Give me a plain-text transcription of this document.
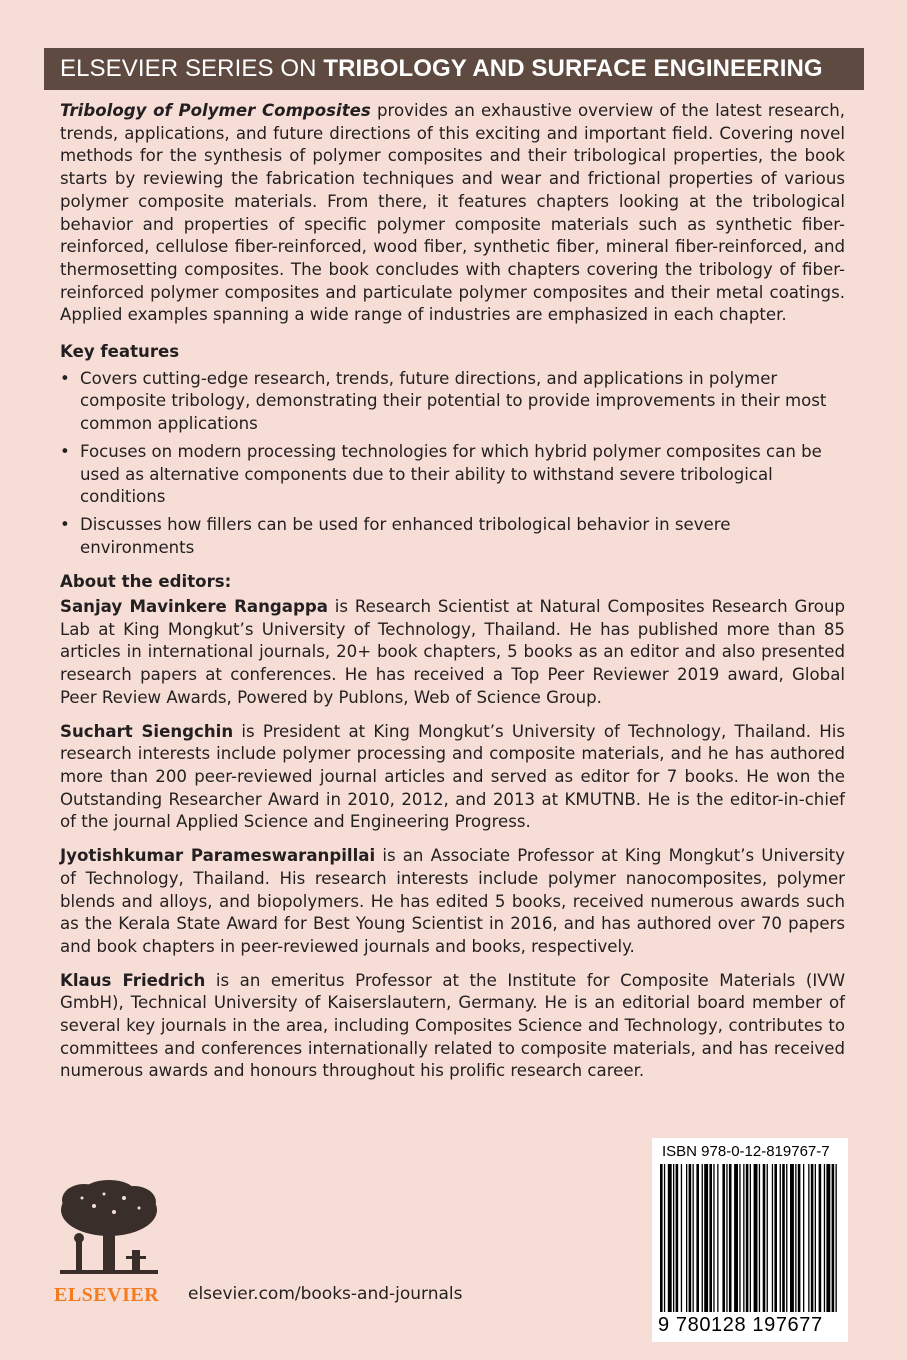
ELSEVIER SERIES ON TRIBOLOGY AND SURFACE ENGINEERING

Tribology of Polymer Composites provides an exhaustive overview of the latest research, trends, applications, and future directions of this exciting and important field. Covering novel methods for the synthesis of polymer composites and their tribological properties, the book starts by reviewing the fabrication techniques and wear and frictional properties of various polymer composite materials. From there, it features chapters looking at the tribological behavior and properties of specific polymer composite materials such as synthetic fiber-reinforced, cellulose fiber-reinforced, wood fiber, synthetic fiber, mineral fiber-reinforced, and thermosetting composites. The book concludes with chapters covering the tribology of fiber-reinforced polymer composites and particulate polymer composites and their metal coatings. Applied examples spanning a wide range of industries are emphasized in each chapter.

Key features
• Covers cutting-edge research, trends, future directions, and applications in polymer composite tribology, demonstrating their potential to provide improvements in their most common applications
• Focuses on modern processing technologies for which hybrid polymer composites can be used as alternative components due to their ability to withstand severe tribological conditions
• Discusses how fillers can be used for enhanced tribological behavior in severe environments
About the editors:

Sanjay Mavinkere Rangappa is Research Scientist at Natural Composites Research Group Lab at King Mongkut’s University of Technology, Thailand. He has published more than 85 articles in international journals, 20+ book chapters, 5 books as an editor and also presented research papers at conferences. He has received a Top Peer Reviewer 2019 award, Global Peer Review Awards, Powered by Publons, Web of Science Group.

Suchart Siengchin is President at King Mongkut’s University of Technology, Thailand. His research interests include polymer processing and composite materials, and he has authored more than 200 peer-reviewed journal articles and served as editor for 7 books. He won the Outstanding Researcher Award in 2010, 2012, and 2013 at KMUTNB. He is the editor-in-chief of the journal Applied Science and Engineering Progress.

Jyotishkumar Parameswaranpillai is an Associate Professor at King Mongkut’s University of Technology, Thailand. His research interests include polymer nanocomposites, polymer blends and alloys, and biopolymers. He has edited 5 books, received numerous awards such as the Kerala State Award for Best Young Scientist in 2016, and has authored over 70 papers and book chapters in peer-reviewed journals and books, respectively.

Klaus Friedrich is an emeritus Professor at the Institute for Composite Materials (IVW GmbH), Technical University of Kaiserslautern, Germany. He is an editorial board member of several key journals in the area, including Composites Science and Technology, contributes to committees and conferences internationally related to composite materials, and has received numerous awards and honours throughout his prolific research career.

ELSEVIER elsevier.com/books-and-journals
ISBN 978-0-12-819767-7
9 780128 197677
